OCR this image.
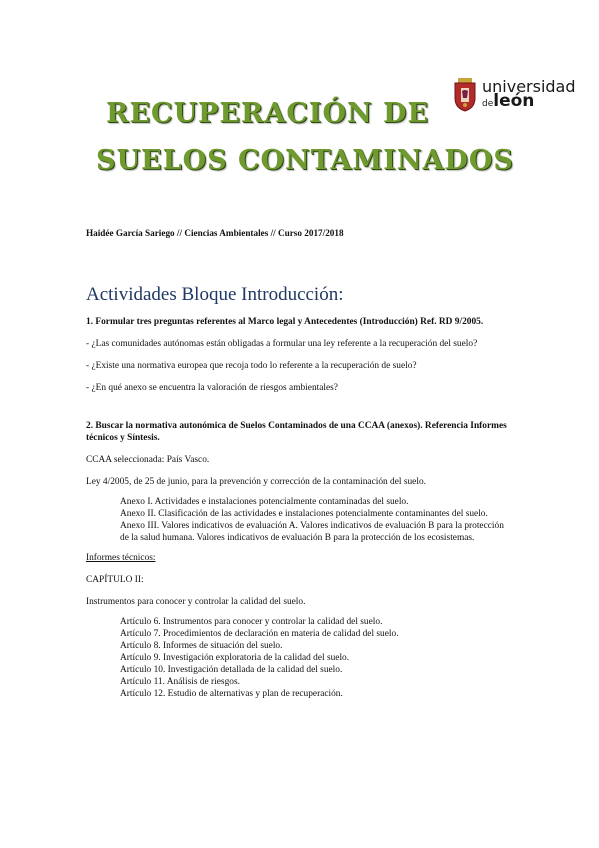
RECUPERACIÓN DE
SUELOS CONTAMINADOS
universidad
deleón
Haidée García Sariego // Ciencias Ambientales // Curso 2017/2018
Actividades Bloque Introducción:

1. Formular tres preguntas referentes al Marco legal y Antecedentes (Introducción) Ref. RD 9/2005.

- ¿Las comunidades autónomas están obligadas a formular una ley referente a la recuperación del suelo?

- ¿Existe una normativa europea que recoja todo lo referente a la recuperación de suelo?

- ¿En qué anexo se encuentra la valoración de riesgos ambientales?

2. Buscar la normativa autonómica de Suelos Contaminados de una CCAA (anexos). Referencia Informes técnicos y Síntesis.

CCAA seleccionada: País Vasco.

Ley 4/2005, de 25 de junio, para la prevención y corrección de la contaminación del suelo.

Anexo I. Actividades e instalaciones potencialmente contaminadas del suelo.

Anexo II. Clasificación de las actividades e instalaciones potencialmente contaminantes del suelo.

Anexo III. Valores indicativos de evaluación A. Valores indicativos de evaluación B para la protección de la salud humana. Valores indicativos de evaluación B para la protección de los ecosistemas.

Informes técnicos:

CAPÍTULO II:

Instrumentos para conocer y controlar la calidad del suelo.

Artículo 6. Instrumentos para conocer y controlar la calidad del suelo.

Artículo 7. Procedimientos de declaración en materia de calidad del suelo.

Artículo 8. Informes de situación del suelo.

Artículo 9. Investigación exploratoria de la calidad del suelo.

Artículo 10. Investigación detallada de la calidad del suelo.

Artículo 11. Análisis de riesgos.

Artículo 12. Estudio de alternativas y plan de recuperación.
